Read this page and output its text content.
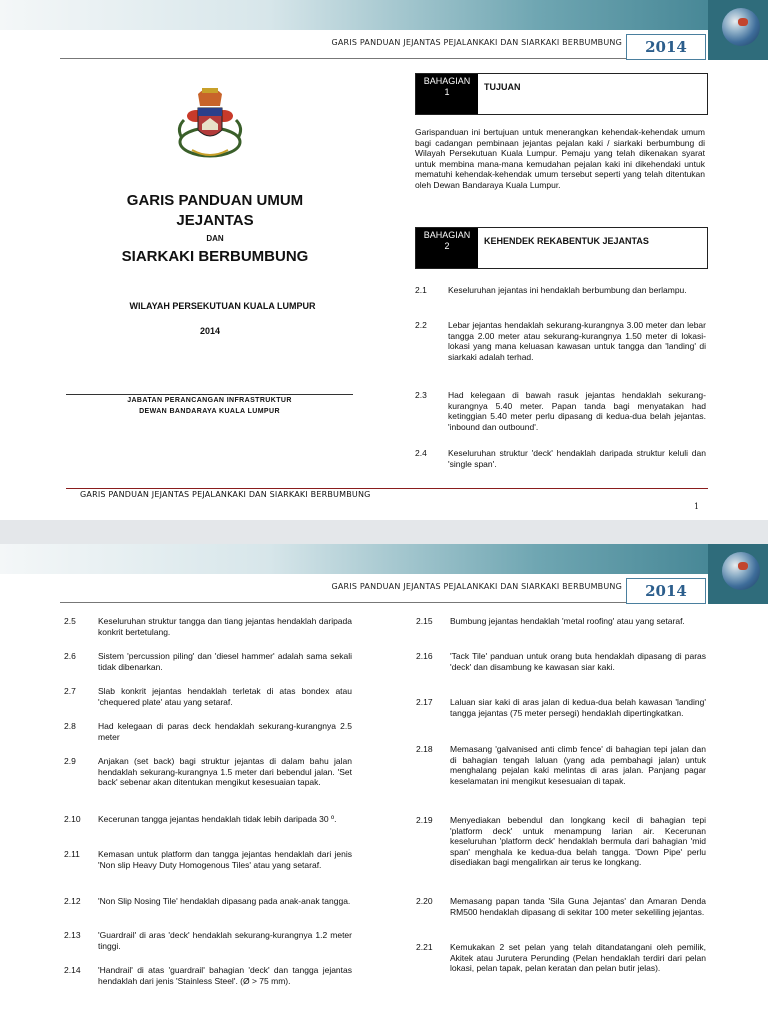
GARIS PANDUAN JEJANTAS PEJALANKAKI DAN SIARKAKI BERBUMBUNG	2014
GARIS PANDUAN UMUM
JEJANTAS
DAN
SIARKAKI BERBUMBUNG
WILAYAH PERSEKUTUAN KUALA LUMPUR
2014
JABATAN PERANCANGAN INFRASTRUKTUR
DEWAN BANDARAYA KUALA LUMPUR
BAHAGIAN
1	TUJUAN
Garispanduan ini bertujuan untuk menerangkan kehendak-kehendak umum bagi cadangan pembinaan jejantas pejalan kaki / siarkaki berbumbung di Wilayah Persekutuan Kuala Lumpur. Pemaju yang telah dikenakan syarat untuk membina mana-mana kemudahan pejalan kaki ini dikehendaki untuk mematuhi kehendak-kehendak umum tersebut seperti yang telah ditentukan oleh Dewan Bandaraya Kuala Lumpur.
BAHAGIAN
2	KEHENDEK REKABENTUK JEJANTAS
2.1 Keseluruhan jejantas ini hendaklah berbumbung dan berlampu.
2.2 Lebar jejantas hendaklah sekurang-kurangnya 3.00 meter dan lebar tangga 2.00 meter atau sekurang-kurangnya 1.50 meter di lokasi-lokasi yang mana keluasan kawasan untuk tangga dan 'landing' di siarkaki adalah terhad.
2.3 Had kelegaan di bawah rasuk jejantas hendaklah sekurang-kurangnya 5.40 meter. Papan tanda bagi menyatakan had ketinggian 5.40 meter perlu dipasang di kedua-dua belah jejantas. 'inbound dan outbound'.
2.4 Keseluruhan struktur 'deck' hendaklah daripada struktur keluli dan 'single span'.
GARIS PANDUAN JEJANTAS PEJALANKAKI DAN SIARKAKI BERBUMBUNG
1
GARIS PANDUAN JEJANTAS PEJALANKAKI DAN SIARKAKI BERBUMBUNG	2014
2.5	Keseluruhan struktur tangga dan tiang jejantas hendaklah daripada konkrit bertetulang.
2.6	Sistem 'percussion piling' dan 'diesel hammer' adalah sama sekali tidak dibenarkan.
2.7	Slab konkrit jejantas hendaklah terletak di atas bondex atau 'chequered plate' atau yang setaraf.
2.8	Had kelegaan di paras deck hendaklah sekurang-kurangnya 2.5 meter
2.9	Anjakan (set back) bagi struktur jejantas di dalam bahu jalan hendaklah sekurang-kurangnya 1.5 meter dari bebendul jalan. 'Set back' sebenar akan ditentukan mengikut kesesuaian tapak.
2.10 Kecerunan tangga jejantas hendaklah tidak lebih daripada 30 º.
2.11 Kemasan untuk platform dan tangga jejantas hendaklah dari jenis 'Non slip Heavy Duty Homogenous Tiles' atau yang setaraf.
2.12 'Non Slip Nosing Tile' hendaklah dipasang pada anak-anak tangga.
2.13 'Guardrail' di aras 'deck' hendaklah sekurang-kurangnya 1.2 meter tinggi.
2.14 'Handrail' di atas 'guardrail' bahagian 'deck' dan tangga jejantas hendaklah dari jenis 'Stainless Steel'. (Ø > 75 mm).
2.15 Bumbung jejantas hendaklah 'metal roofing' atau yang setaraf.
2.16 'Tack Tile' panduan untuk orang buta hendaklah dipasang di paras 'deck' dan disambung ke kawasan siar kaki.
2.17 Laluan siar kaki di aras jalan di kedua-dua belah kawasan 'landing' tangga jejantas (75 meter persegi) hendaklah dipertingkatkan.
2.18 Memasang 'galvanised anti climb fence' di bahagian tepi jalan dan di bahagian tengah laluan (yang ada pembahagi jalan) untuk menghalang pejalan kaki melintas di aras jalan. Panjang pagar keselamatan ini mengikut kesesuaian di tapak.
2.19 Menyediakan bebendul dan longkang kecil di bahagian tepi 'platform deck' untuk menampung larian air. Kecerunan keseluruhan 'platform deck' hendaklah bermula dari bahagian 'mid span' menghala ke kedua-dua belah tangga. 'Down Pipe' perlu disediakan bagi mengalirkan air terus ke longkang.
2.20 Memasang papan tanda 'Sila Guna Jejantas' dan Amaran Denda RM500 hendaklah dipasang di sekitar 100 meter sekeliling jejantas.
2.21 Kemukakan 2 set pelan yang telah ditandatangani oleh pemilik, Akitek atau Jurutera Perunding (Pelan hendaklah terdiri dari pelan lokasi, pelan tapak, pelan keratan dan pelan butir jelas).
